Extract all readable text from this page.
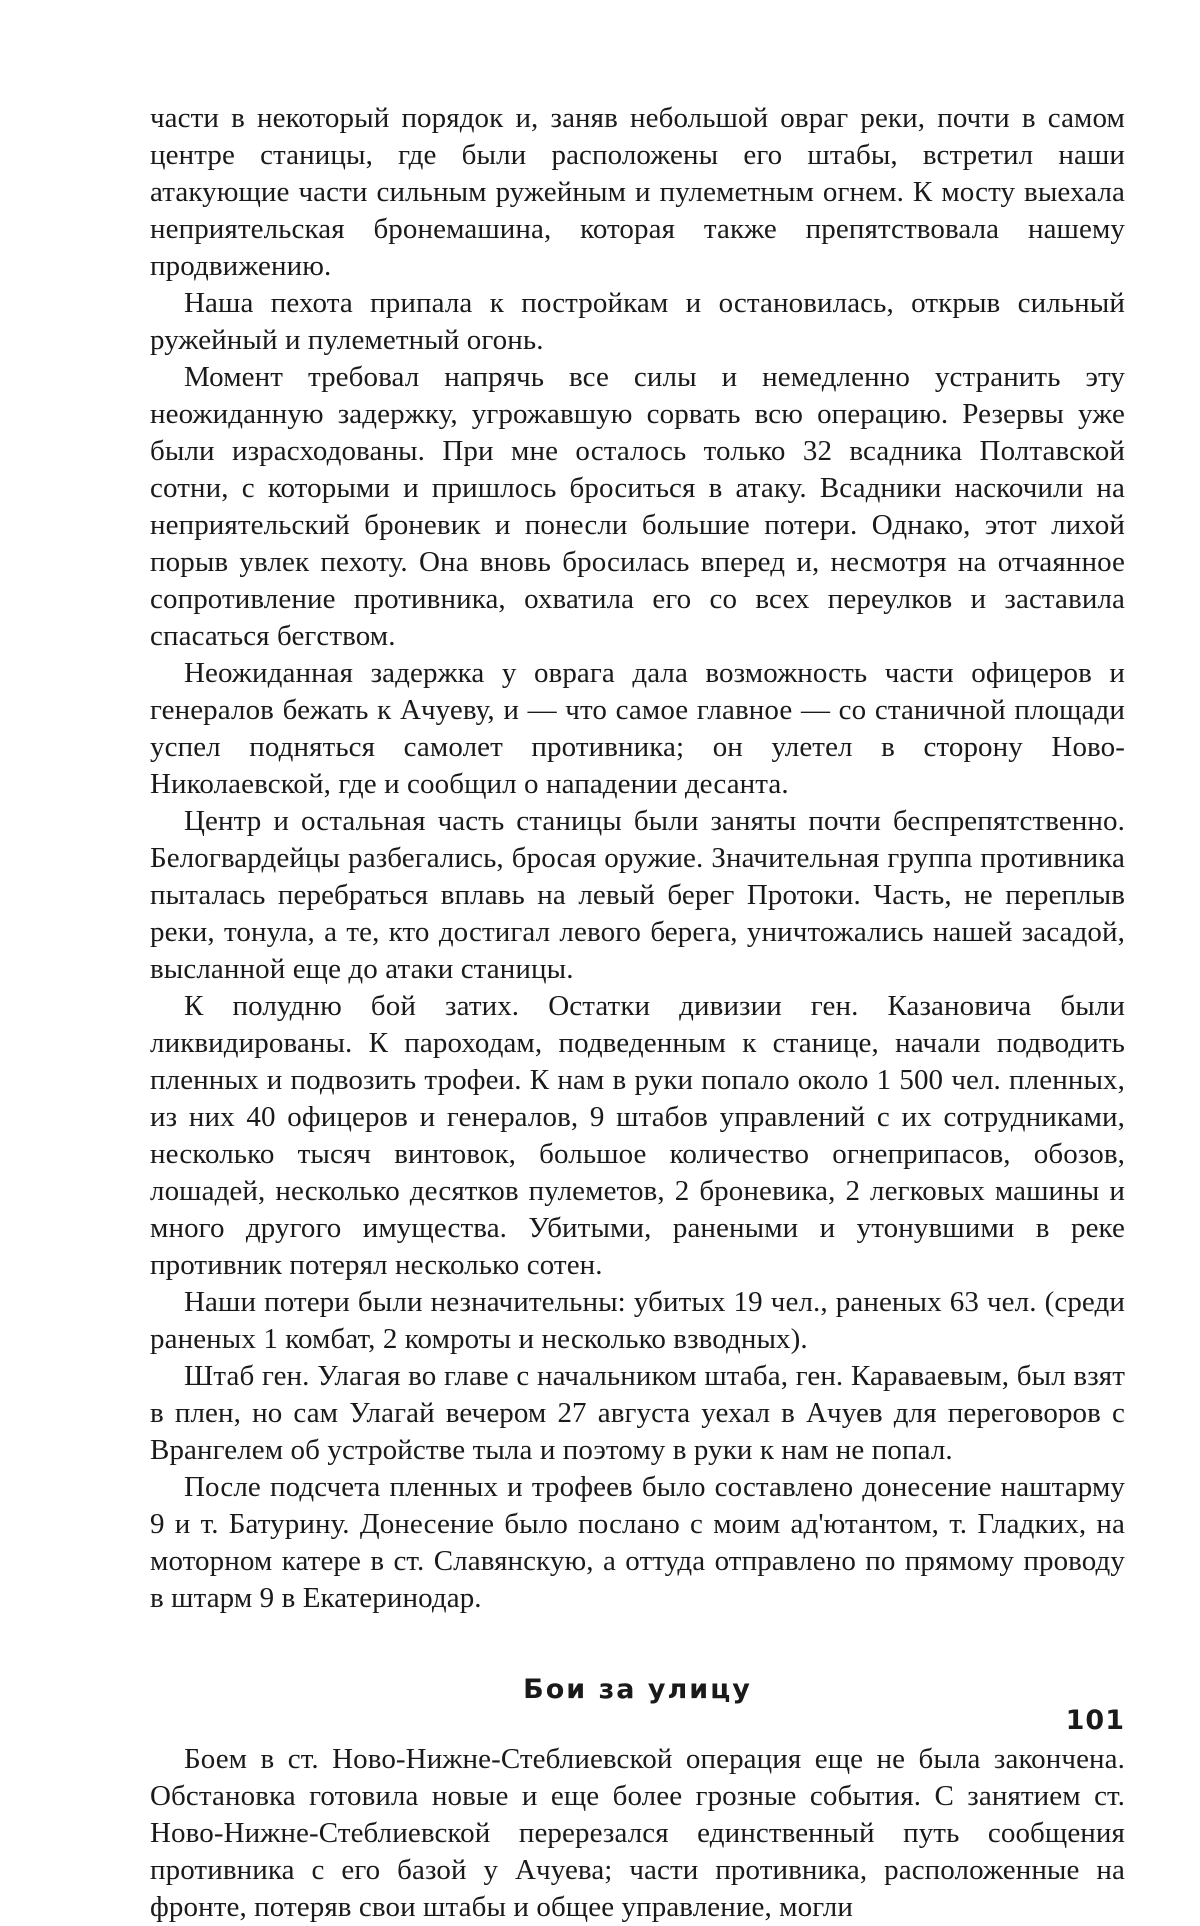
части в некоторый порядок и, заняв небольшой овраг реки, почти в самом центре станицы, где были расположены его штабы, встретил наши атакующие части сильным ружейным и пулеметным огнем. К мосту выехала неприятельская бронемашина, которая также препятствовала нашему продвижению.

Наша пехота припала к постройкам и остановилась, открыв сильный ружейный и пулеметный огонь.

Момент требовал напрячь все силы и немедленно устранить эту неожиданную задержку, угрожавшую сорвать всю операцию. Резервы уже были израсходованы. При мне осталось только 32 всадника Полтавской сотни, с которыми и пришлось броситься в атаку. Всадники наскочили на неприятельский броневик и понесли большие потери. Однако, этот лихой порыв увлек пехоту. Она вновь бросилась вперед и, несмотря на отчаянное сопротивление противника, охватила его со всех переулков и заставила спасаться бегством.

Неожиданная задержка у оврага дала возможность части офицеров и генералов бежать к Ачуеву, и — что самое главное — со станичной площади успел подняться самолет противника; он улетел в сторону Ново-Николаевской, где и сообщил о нападении десанта.

Центр и остальная часть станицы были заняты почти беспрепятственно. Белогвардейцы разбегались, бросая оружие. Значительная группа противника пыталась перебраться вплавь на левый берег Протоки. Часть, не переплыв реки, тонула, а те, кто достигал левого берега, уничтожались нашей засадой, высланной еще до атаки станицы.

К полудню бой затих. Остатки дивизии ген. Казановича были ликвидированы. К пароходам, подведенным к станице, начали подводить пленных и подвозить трофеи. К нам в руки попало около 1 500 чел. пленных, из них 40 офицеров и генералов, 9 штабов управлений с их сотрудниками, несколько тысяч винтовок, большое количество огнеприпасов, обозов, лошадей, несколько десятков пулеметов, 2 броневика, 2 легковых машины и много другого имущества. Убитыми, ранеными и утонувшими в реке противник потерял несколько сотен.

Наши потери были незначительны: убитых 19 чел., раненых 63 чел. (среди раненых 1 комбат, 2 комроты и несколько взводных).

Штаб ген. Улагая во главе с начальником штаба, ген. Караваевым, был взят в плен, но сам Улагай вечером 27 августа уехал в Ачуев для переговоров с Врангелем об устройстве тыла и поэтому в руки к нам не попал.

После подсчета пленных и трофеев было составлено донесение наштарму 9 и т. Батурину. Донесение было послано с моим ад'ютантом, т. Гладких, на моторном катере в ст. Славянскую, а оттуда отправлено по прямому проводу в штарм 9 в Екатеринодар.

Бои за улицу

Боем в ст. Ново-Нижне-Стеблиевской операция еще не была закончена. Обстановка готовила новые и еще более грозные события. С занятием ст. Ново-Нижне-Стеблиевской перерезался единственный путь сообщения противника с его базой у Ачуева; части противника, расположенные на фронте, потеряв свои штабы и общее управление, могли

101
